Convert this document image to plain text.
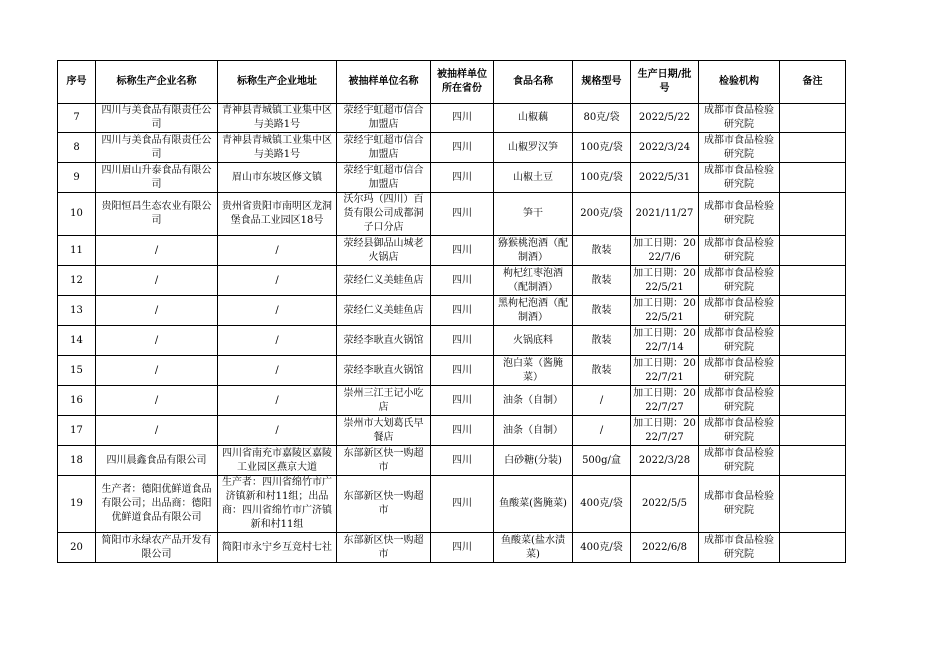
序号	标称生产企业名称	标称生产企业地址	被抽样单位名称	被抽样单位所在省份	食品名称	规格型号	生产日期/批号	检验机构	备注
7	四川与美食品有限责任公司	青神县青城镇工业集中区与美路1号	荥经宇虹超市信合加盟店	四川	山椒藕	80克/袋	2022/5/22	成都市食品检验研究院	
8	四川与美食品有限责任公司	青神县青城镇工业集中区与美路1号	荥经宇虹超市信合加盟店	四川	山椒罗汉笋	100克/袋	2022/3/24	成都市食品检验研究院	
9	四川眉山升泰食品有限公司	眉山市东坡区修文镇	荥经宇虹超市信合加盟店	四川	山椒土豆	100克/袋	2022/5/31	成都市食品检验研究院	
10	贵阳恒昌生态农业有限公司	贵州省贵阳市南明区龙洞堡食品工业园区18号	沃尔玛（四川）百货有限公司成都洞子口分店	四川	笋干	200克/袋	2021/11/27	成都市食品检验研究院	
11	/	/	荥经县御品山城老火锅店	四川	猕猴桃泡酒（配制酒）	散装	加工日期：2022/7/6	成都市食品检验研究院	
12	/	/	荥经仁义美蛙鱼店	四川	枸杞红枣泡酒（配制酒）	散装	加工日期：2022/5/21	成都市食品检验研究院	
13	/	/	荥经仁义美蛙鱼店	四川	黑枸杞泡酒（配制酒）	散装	加工日期：2022/5/21	成都市食品检验研究院	
14	/	/	荥经李耿直火锅馆	四川	火锅底料	散装	加工日期：2022/7/14	成都市食品检验研究院	
15	/	/	荥经李耿直火锅馆	四川	泡白菜（酱腌菜）	散装	加工日期：2022/7/21	成都市食品检验研究院	
16	/	/	崇州三江王记小吃店	四川	油条（自制）	/	加工日期：2022/7/27	成都市食品检验研究院	
17	/	/	崇州市大划葛氏早餐店	四川	油条（自制）	/	加工日期：2022/7/27	成都市食品检验研究院	
18	四川晨鑫食品有限公司	四川省南充市嘉陵区嘉陵工业园区燕京大道	东部新区快一购超市	四川	白砂糖(分装)	500g/盒	2022/3/28	成都市食品检验研究院	
19	生产者：德阳优鲜道食品有限公司；出品商：德阳优鲜道食品有限公司	生产者：四川省绵竹市广济镇新和村11组；出品商：四川省绵竹市广济镇新和村11组	东部新区快一购超市	四川	鱼酸菜(酱腌菜)	400克/袋	2022/5/5	成都市食品检验研究院	
20	简阳市永绿农产品开发有限公司	简阳市永宁乡互竞村七社	东部新区快一购超市	四川	鱼酸菜(盐水渍菜)	400克/袋	2022/6/8	成都市食品检验研究院	
